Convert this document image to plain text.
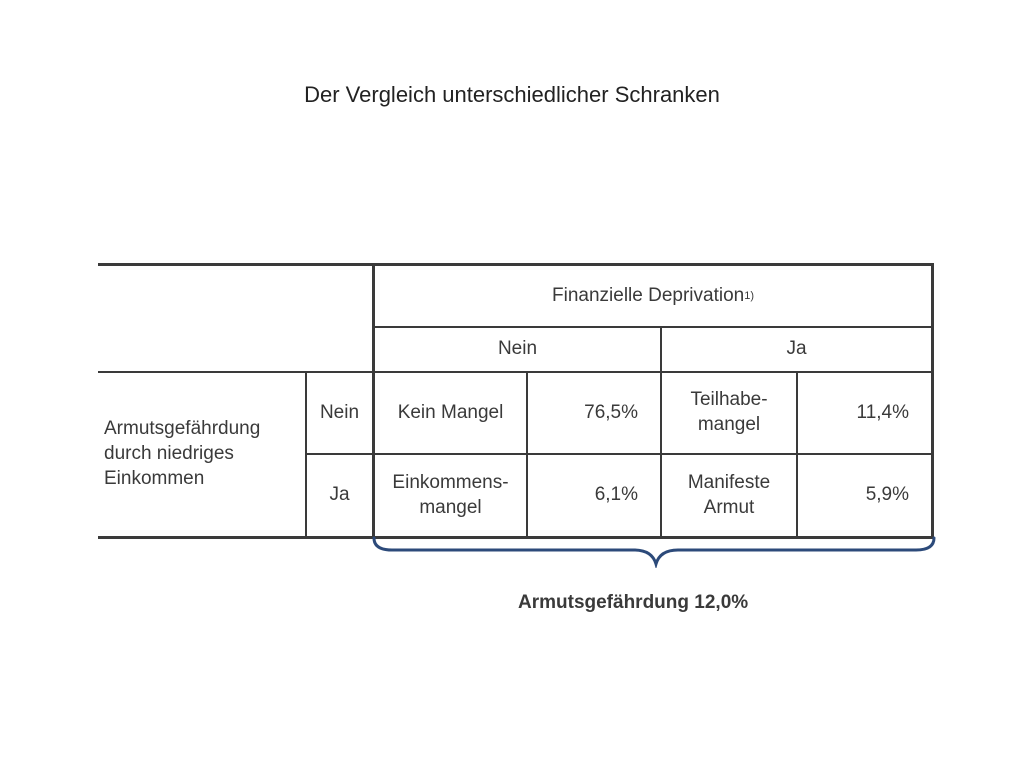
Der Vergleich unterschiedlicher Schranken
Finanzielle Deprivation 1)
Nein	Ja
Armutsgefährdung durch niedriges Einkommen
Nein
Ja
Kein Mangel	76,5%
Teilhabe-
mangel
11,4%
Einkommens-
mangel
6,1%
Manifeste
Armut
5,9%
Armutsgefährdung 12,0%
